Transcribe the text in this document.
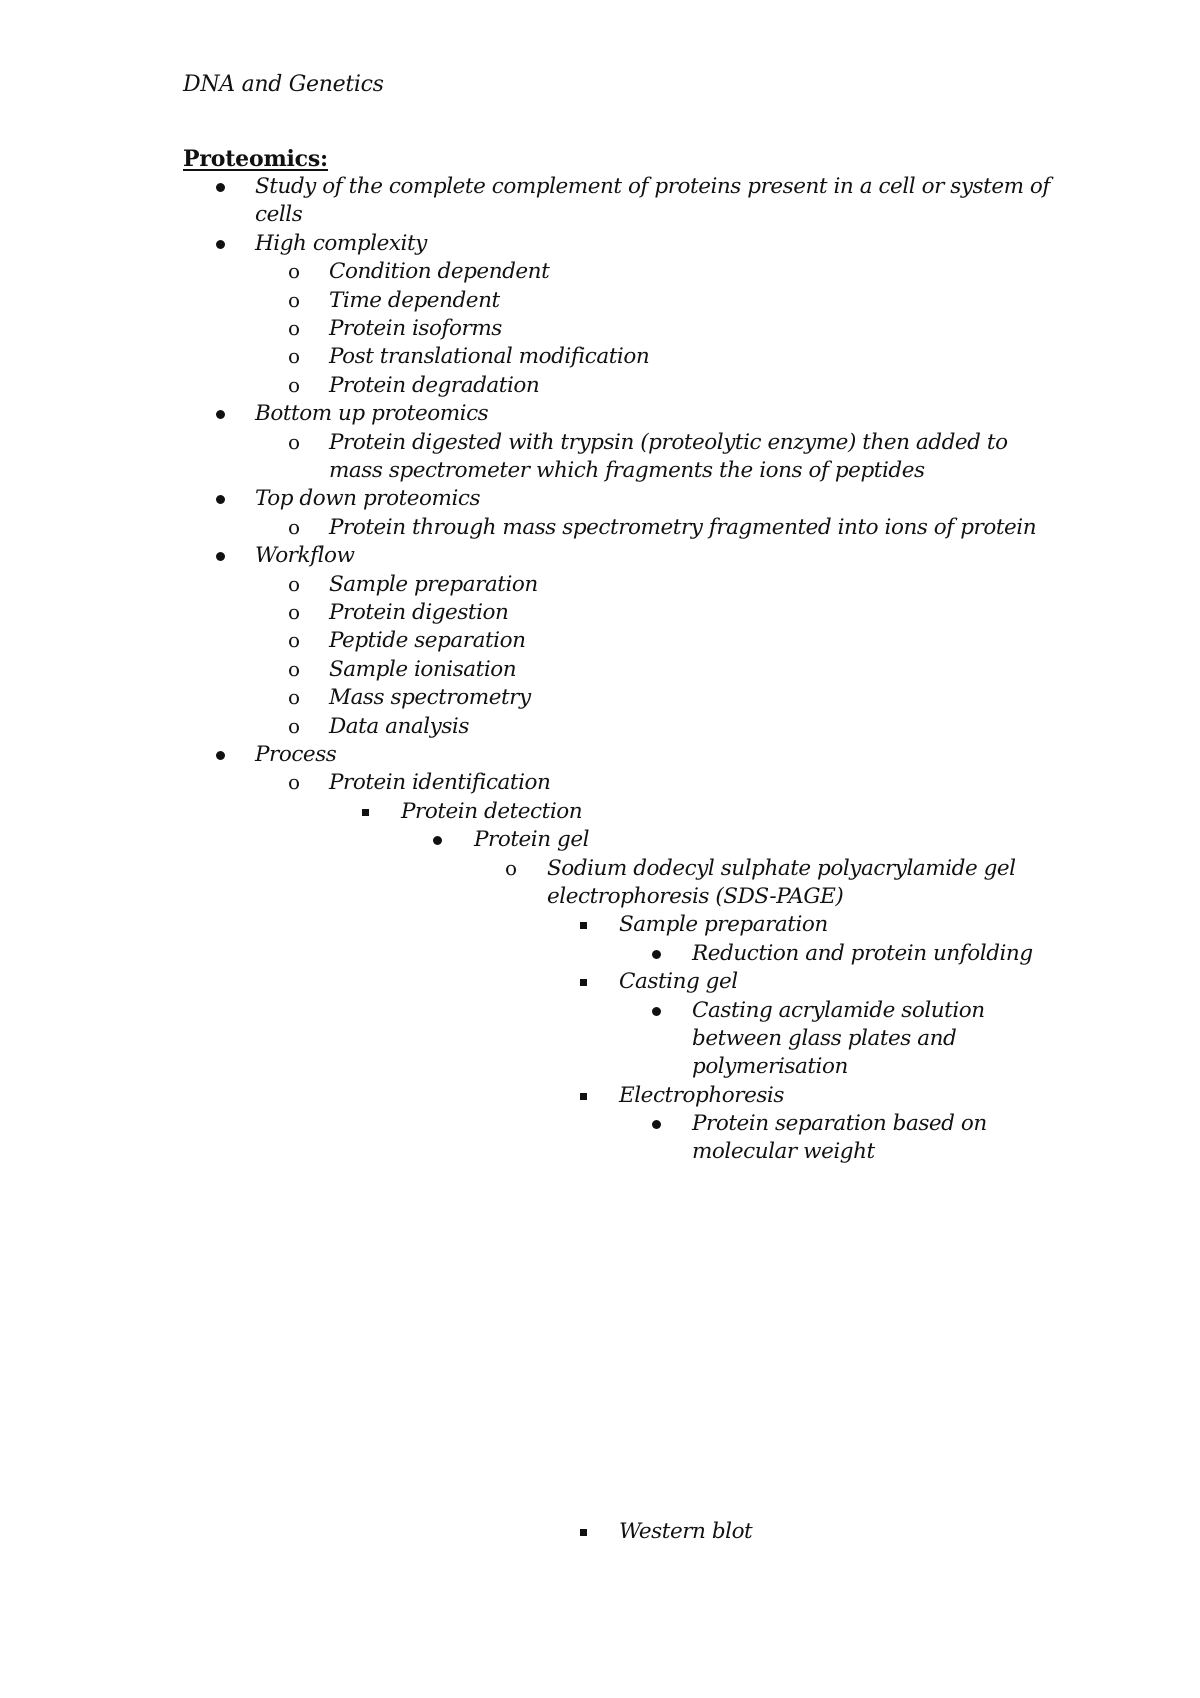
DNA and Genetics
Proteomics:
Study of the complete complement of proteins present in a cell or system of
cells
High complexity
o Condition dependent
o Time dependent
o Protein isoforms
o Post translational modification
o Protein degradation
Bottom up proteomics
o Protein digested with trypsin (proteolytic enzyme) then added to
mass spectrometer which fragments the ions of peptides
Top down proteomics
o Protein through mass spectrometry fragmented into ions of protein
Workflow
o Sample preparation
o Protein digestion
o Peptide separation
o Sample ionisation
o Mass spectrometry
o Data analysis
Process
o Protein identification
Protein detection
Protein gel
o Sodium dodecyl sulphate polyacrylamide gel
electrophoresis (SDS-PAGE)
Sample preparation
Reduction and protein unfolding
Casting gel
Casting acrylamide solution
between glass plates and
polymerisation
Electrophoresis
Protein separation based on
molecular weight
Western blot
